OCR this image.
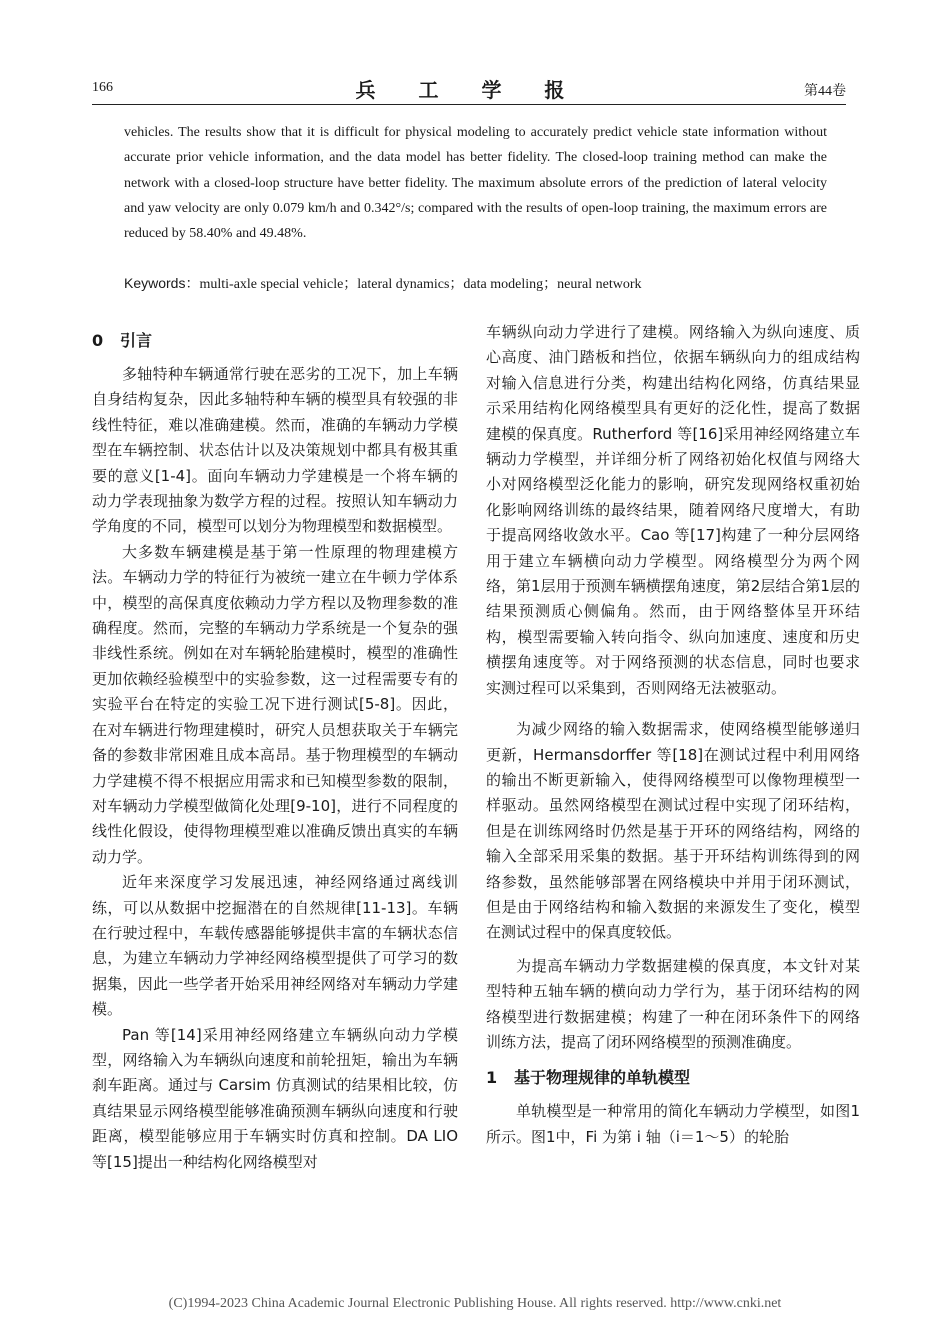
166	兵 工 学 报	第44卷
vehicles. The results show that it is difficult for physical modeling to accurately predict vehicle state information without accurate prior vehicle information, and the data model has better fidelity. The closed-loop training method can make the network with a closed-loop structure have better fidelity. The maximum absolute errors of the prediction of lateral velocity and yaw velocity are only 0.079 km/h and 0.342°/s; compared with the results of open-loop training, the maximum errors are reduced by 58.40% and 49.48%.
Keywords：multi-axle special vehicle；lateral dynamics；data modeling；neural network
0 引言

多轴特种车辆通常行驶在恶劣的工况下，加上车辆自身结构复杂，因此多轴特种车辆的模型具有较强的非线性特征，难以准确建模。然而，准确的车辆动力学模型在车辆控制、状态估计以及决策规划中都具有极其重要的意义[1-4]。面向车辆动力学建模是一个将车辆的动力学表现抽象为数学方程的过程。按照认知车辆动力学角度的不同，模型可以划分为物理模型和数据模型。

大多数车辆建模是基于第一性原理的物理建模方法。车辆动力学的特征行为被统一建立在牛顿力学体系中，模型的高保真度依赖动力学方程以及物理参数的准确程度。然而，完整的车辆动力学系统是一个复杂的强非线性系统。例如在对车辆轮胎建模时，模型的准确性更加依赖经验模型中的实验参数，这一过程需要专有的实验平台在特定的实验工况下进行测试[5-8]。因此，在对车辆进行物理建模时，研究人员想获取关于车辆完备的参数非常困难且成本高昂。基于物理模型的车辆动力学建模不得不根据应用需求和已知模型参数的限制，对车辆动力学模型做简化处理[9-10]，进行不同程度的线性化假设，使得物理模型难以准确反馈出真实的车辆动力学。

近年来深度学习发展迅速，神经网络通过离线训练，可以从数据中挖掘潜在的自然规律[11-13]。车辆在行驶过程中，车载传感器能够提供丰富的车辆状态信息，为建立车辆动力学神经网络模型提供了可学习的数据集，因此一些学者开始采用神经网络对车辆动力学建模。

Pan 等[14]采用神经网络建立车辆纵向动力学模型，网络输入为车辆纵向速度和前轮扭矩，输出为车辆刹车距离。通过与 Carsim 仿真测试的结果相比较，仿真结果显示网络模型能够准确预测车辆纵向速度和行驶距离，模型能够应用于车辆实时仿真和控制。DA LIO 等[15]提出一种结构化网络模型对

车辆纵向动力学进行了建模。网络输入为纵向速度、质心高度、油门踏板和挡位，依据车辆纵向力的组成结构对输入信息进行分类，构建出结构化网络，仿真结果显示采用结构化网络模型具有更好的泛化性，提高了数据建模的保真度。Rutherford 等[16]采用神经网络建立车辆动力学模型，并详细分析了网络初始化权值与网络大小对网络模型泛化能力的影响，研究发现网络权重初始化影响网络训练的最终结果，随着网络尺度增大，有助于提高网络收敛水平。Cao 等[17]构建了一种分层网络用于建立车辆横向动力学模型。网络模型分为两个网络，第1层用于预测车辆横摆角速度，第2层结合第1层的结果预测质心侧偏角。然而，由于网络整体呈开环结构，模型需要输入转向指令、纵向加速度、速度和历史横摆角速度等。对于网络预测的状态信息，同时也要求实测过程可以采集到，否则网络无法被驱动。

为减少网络的输入数据需求，使网络模型能够递归更新，Hermansdorffer 等[18]在测试过程中利用网络的输出不断更新输入，使得网络模型可以像物理模型一样驱动。虽然网络模型在测试过程中实现了闭环结构，但是在训练网络时仍然是基于开环的网络结构，网络的输入全部采用采集的数据。基于开环结构训练得到的网络参数，虽然能够部署在网络模块中并用于闭环测试，但是由于网络结构和输入数据的来源发生了变化，模型在测试过程中的保真度较低。

为提高车辆动力学数据建模的保真度，本文针对某型特种五轴车辆的横向动力学行为，基于闭环结构的网络模型进行数据建模；构建了一种在闭环条件下的网络训练方法，提高了闭环网络模型的预测准确度。

1 基于物理规律的单轨模型

单轨模型是一种常用的简化车辆动力学模型，如图1所示。图1中，Fi 为第 i 轴（i＝1～5）的轮胎

(C)1994-2023 China Academic Journal Electronic Publishing House. All rights reserved. http://www.cnki.net
